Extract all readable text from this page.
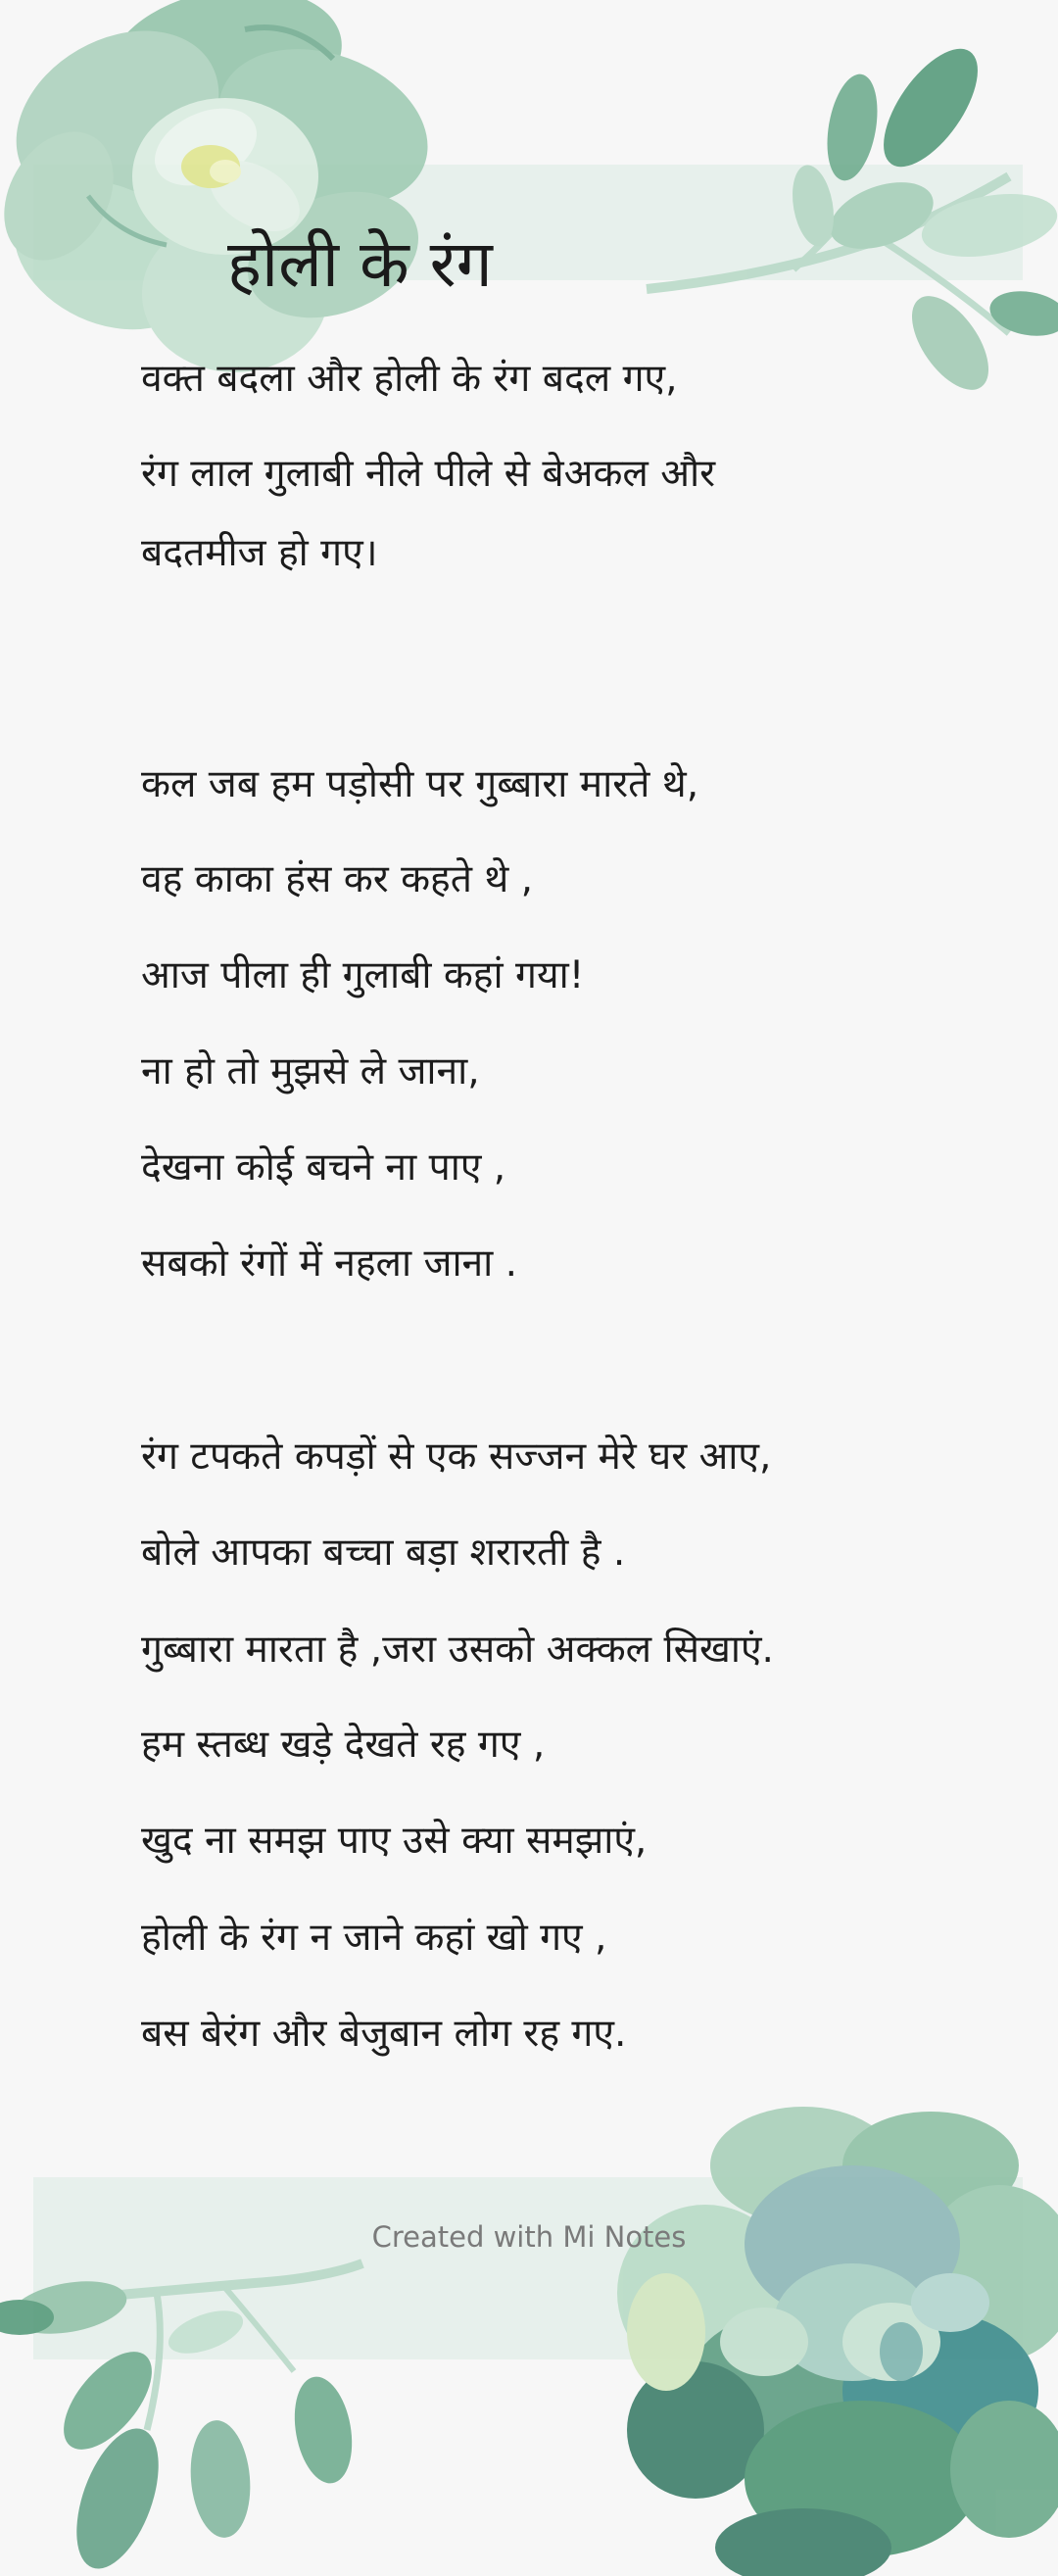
होली के रंग
वक्त बदला और होली के रंग बदल गए,
रंग लाल गुलाबी नीले पीले से बेअकल और
बदतमीज हो गए।
कल जब हम पड़ोसी पर गुब्बारा मारते थे,
वह काका हंस कर कहते थे ,
आज पीला ही गुलाबी कहां गया!
ना हो तो मुझसे ले जाना,
देखना कोई बचने ना पाए ,
सबको रंगों में नहला जाना .
रंग टपकते कपड़ों से एक सज्जन मेरे घर आए,
बोले आपका बच्चा बड़ा शरारती है .
गुब्बारा मारता है ,जरा उसको अक्कल सिखाएं.
हम स्तब्ध खड़े देखते रह गए ,
खुद ना समझ पाए उसे क्या समझाएं,
होली के रंग न जाने कहां खो गए ,
बस बेरंग और बेजुबान लोग रह गए.
Created with Mi Notes
